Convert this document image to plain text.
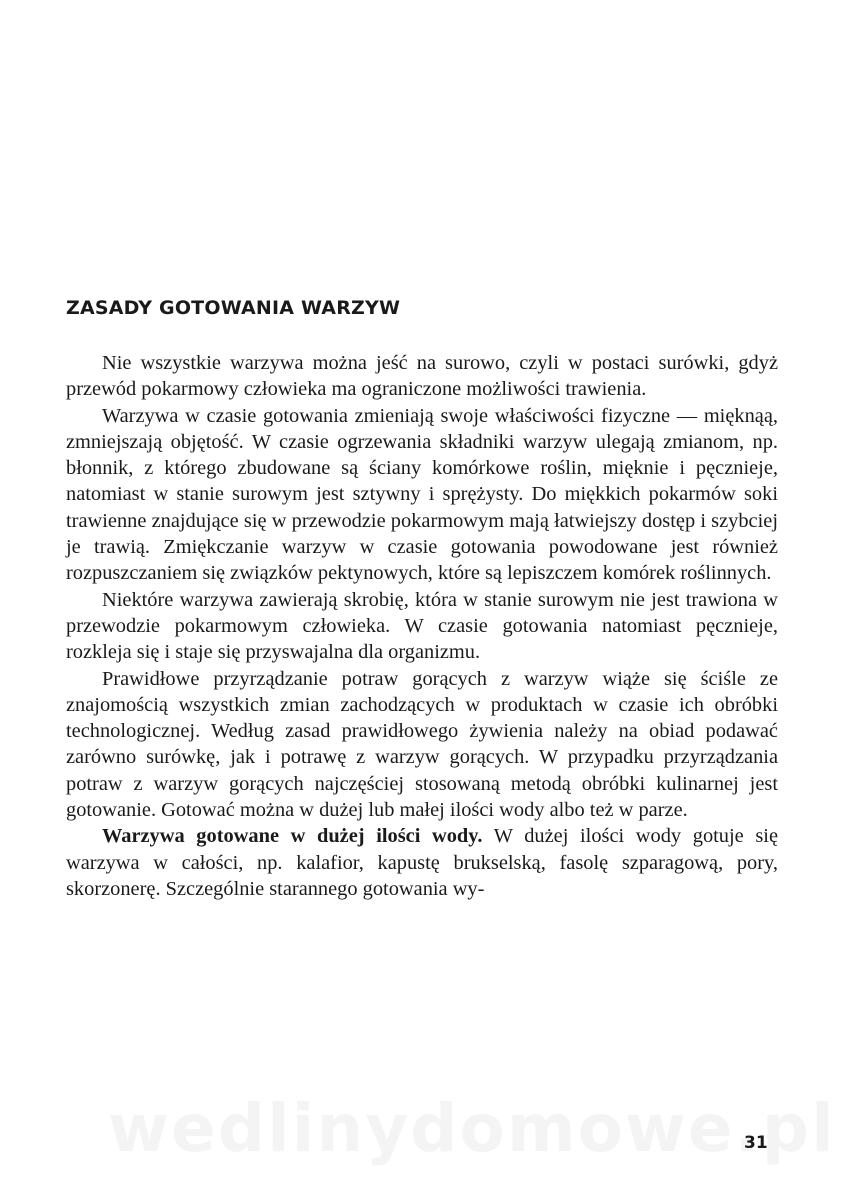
ZASADY GOTOWANIA WARZYW

Nie wszystkie warzywa można jeść na surowo, czyli w postaci surówki, gdyż przewód pokarmowy człowieka ma ograniczone możliwości trawienia.

Warzywa w czasie gotowania zmieniają swoje właściwości fizyczne — mięknąą, zmniejszają objętość. W czasie ogrzewania składniki warzyw ulegają zmianom, np. błonnik, z którego zbudowane są ściany komórkowe roślin, mięknie i pęcznieje, natomiast w stanie surowym jest sztywny i sprężysty. Do miękkich pokarmów soki trawienne znajdujące się w przewodzie pokarmowym mają łatwiejszy dostęp i szybciej je trawią. Zmiękczanie warzyw w czasie gotowania powodowane jest również rozpuszczaniem się związków pektynowych, które są lepiszczem komórek roślinnych.

Niektóre warzywa zawierają skrobię, która w stanie surowym nie jest trawiona w przewodzie pokarmowym człowieka. W czasie gotowania natomiast pęcznieje, rozkleja się i staje się przyswajalna dla organizmu.

Prawidłowe przyrządzanie potraw gorących z warzyw wiąże się ściśle ze znajomością wszystkich zmian zachodzących w produktach w czasie ich obróbki technologicznej. Według zasad prawidłowego żywienia należy na obiad podawać zarówno surówkę, jak i potrawę z warzyw gorących. W przypadku przyrządzania potraw z warzyw gorących najczęściej stosowaną metodą obróbki kulinarnej jest gotowanie. Gotować można w dużej lub małej ilości wody albo też w parze.

Warzywa gotowane w dużej ilości wody. W dużej ilości wody gotuje się warzywa w całości, np. kalafior, kapustę brukselską, fasolę szparagową, pory, skorzonerę. Szczególnie starannego gotowania wy-

31
